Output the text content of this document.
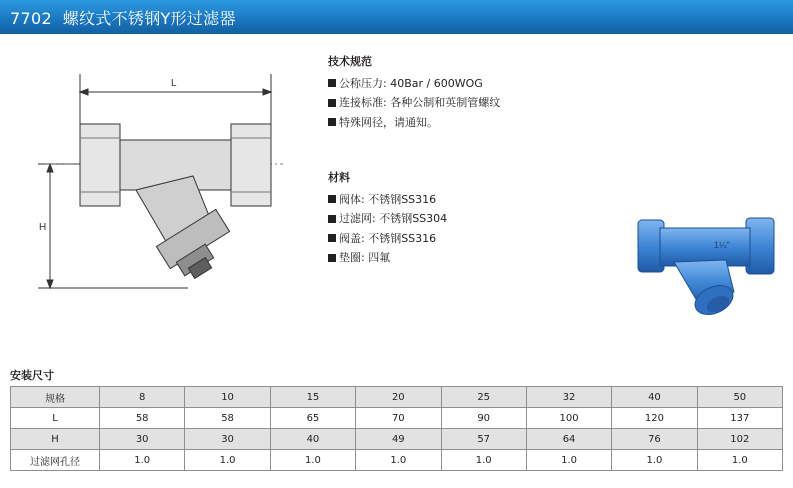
7702 螺纹式不锈钢Y形过滤器
L
H
技术规范
公称压力: 40Bar / 600WOG
连接标准: 各种公制和英制管螺纹
特殊网径，请通知。
材料
阀体: 不锈钢SS316
过滤网: 不锈钢SS304
阀盖: 不锈钢SS316
垫圈: 四氟
1¼"
安装尺寸
规格	8	10	15	20	25	32	40	50
L	58	58	65	70	90	100	120	137
H	30	30	40	49	57	64	76	102
过滤网孔径	1.0	1.0	1.0	1.0	1.0	1.0	1.0	1.0
